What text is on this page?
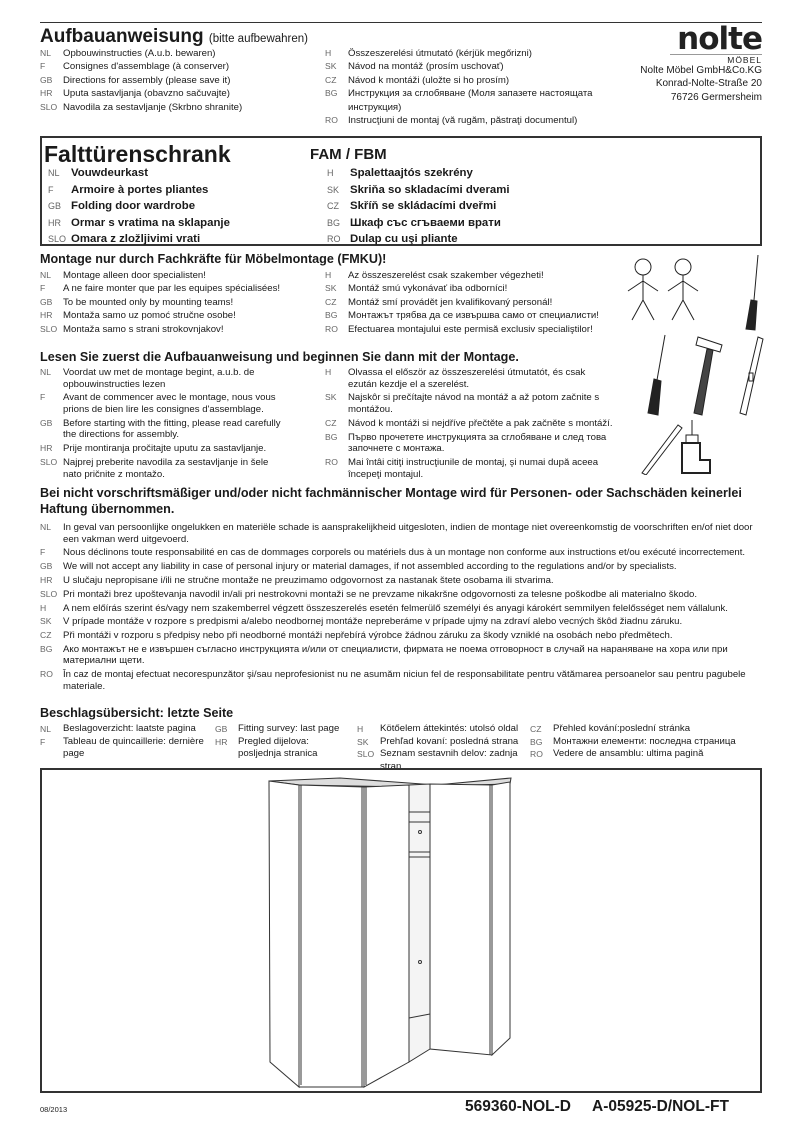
Aufbauanweisung (bitte aufbewahren)
NL	Opbouwinstructies (A.u.b. bewaren)
F	Consignes d'assemblage (à conserver)
GB	Directions for assembly (please save it)
HR	Uputa sastavljanja (obavzno sačuvajte)
SLO Navodila za sestavljanje (Skrbno shranite)
H	Összeszerelési útmutató (kérjük megőrizni)
SK	Návod na montáž (prosím uschovať)
CZ	Návod k montáži (uložte si ho prosím)
BG	Инструкция за сглобяване (Моля запазете настоящата инструкция)
RO	Instrucţiuni de montaj (vă rugăm, păstraţi documentul)
nolte
MÖBEL
Nolte Möbel GmbH&Co.KG
Konrad-Nolte-Straße 20
76726 Germersheim
Falttürenschrank	FAM / FBM
NL	Vouwdeurkast
F	Armoire à portes pliantes
GB Folding door wardrobe
HR Ormar s vratima na sklapanje
SLO Omara z zložljivimi vrati
H	Spalettaajtós szekrény
SK Skriňa so skladacími dverami
CZ Skříň se skládacími dveřmi
BG Шкаф със сгъваеми врати
RO Dulap cu uşi pliante
Montage nur durch Fachkräfte für Möbelmontage (FMKU)!
NL	Montage alleen door specialisten!
F	A ne faire monter que par les equipes spécialisées!
GB	To be mounted only by mounting teams!
HR	Montaža samo uz pomoć stručne osobe!
SLO Montaža samo s strani strokovnjakov!
H	Az összeszerelést csak szakember végezheti!
SK	Montáž smú vykonávať iba odborníci!
CZ	Montáž smí provádět jen kvalifikovaný personál!
BG	Монтажът трябва да се извършва само от специалисти!
RO	Efectuarea montajului este permisă exclusiv specialiştilor!
Lesen Sie zuerst die Aufbauanweisung und beginnen Sie dann mit der Montage.
NL	Voordat uw met de montage begint, a.u.b. de opbouwinstructies lezen
F	Avant de commencer avec le montage, nous vous prions de bien lire les consignes d'assemblage.
GB	Before starting with the fitting, please read carefully the directions for assembly.
HR	Prije montiranja pročitajte uputu za sastavljanje.
SLO Najprej preberite navodila za sestavljanje in šele nato pričnite z montažo.
H	Olvassa el először az összeszerelési útmutatót, és csak ezután kezdje el a szerelést.
SK	Najskôr si prečítajte návod na montáž a až potom začnite s montážou.
CZ	Návod k montáži si nejdříve přečtěte a pak začněte s montáží.
BG	Първо прочетете инструкцията за сглобяване и след това започнете с монтажа.
RO	Mai întâi citiţi instrucţiunile de montaj, şi numai după aceea începeţi montajul.
Bei nicht vorschriftsmäßiger und/oder nicht fachmännischer Montage wird für Personen- oder Sachschäden keinerlei Haftung übernommen.
NL	In geval van persoonlijke ongelukken en materiële schade is aansprakelijkheid uitgesloten, indien de montage niet overeenkomstig de voorschriften en/of niet door een vakman werd uitgevoerd.
F	Nous déclinons toute responsabilité en cas de dommages corporels ou matériels dus à un montage non conforme aux instructions et/ou exécuté incorrectement.
GB	We will not accept any liability in case of personal injury or material damages, if not assembled according to the regulations and/or by specialists.
HR	U slučaju nepropisane i/ili ne stručne montaže ne preuzimamo odgovornost za nastanak štete osobama ili stvarima.
SLO Pri montaži brez upoštevanja navodil in/ali pri nestrokovni montaži se ne prevzame nikakršne odgovornosti za telesne poškodbe ali materialno škodo.
H	A nem előírás szerint és/vagy nem szakemberrel végzett összeszerelés esetén felmerülő személyi és anyagi károkért semmilyen felelősséget nem vállalunk.
SK	V prípade montáže v rozpore s predpismi a/alebo neodbornej montáže nepreberáme v prípade ujmy na zdraví alebo vecných škôd žiadnu záruku.
CZ	Při montáži v rozporu s předpisy nebo při neodborné montáži nepřebírá výrobce žádnou záruku za škody vzniklé na osobách nebo předmětech.
BG	Ако монтажът не е извършен съгласно инструкцията и/или от специалисти, фирмата не поема отговорност в случай на нараняване на хора или при материални щети.
RO	În caz de montaj efectuat necorespunzător şi/sau neprofesionist nu ne asumăm niciun fel de responsabilitate pentru vătămarea persoanelor sau pentru pagubele materiale.
Beschlagsübersicht: letzte Seite
NL	Beslagoverzicht: laatste pagina
F	Tableau de quincaillerie: dernière page
GB	Fitting survey: last page
HR	Pregled dijelova: posljednja stranica
H	Kötőelem áttekintés: utolsó oldal
SK	Prehľad kovaní: posledná strana
SLO Seznam sestavnih delov: zadnja stran
CZ	Přehled kování:poslední stránka
BG	Монтажни елементи: последна страница
RO	Vedere de ansamblu: ultima pagină
08/2013	569360-NOL-D A-05925-D/NOL-FT
